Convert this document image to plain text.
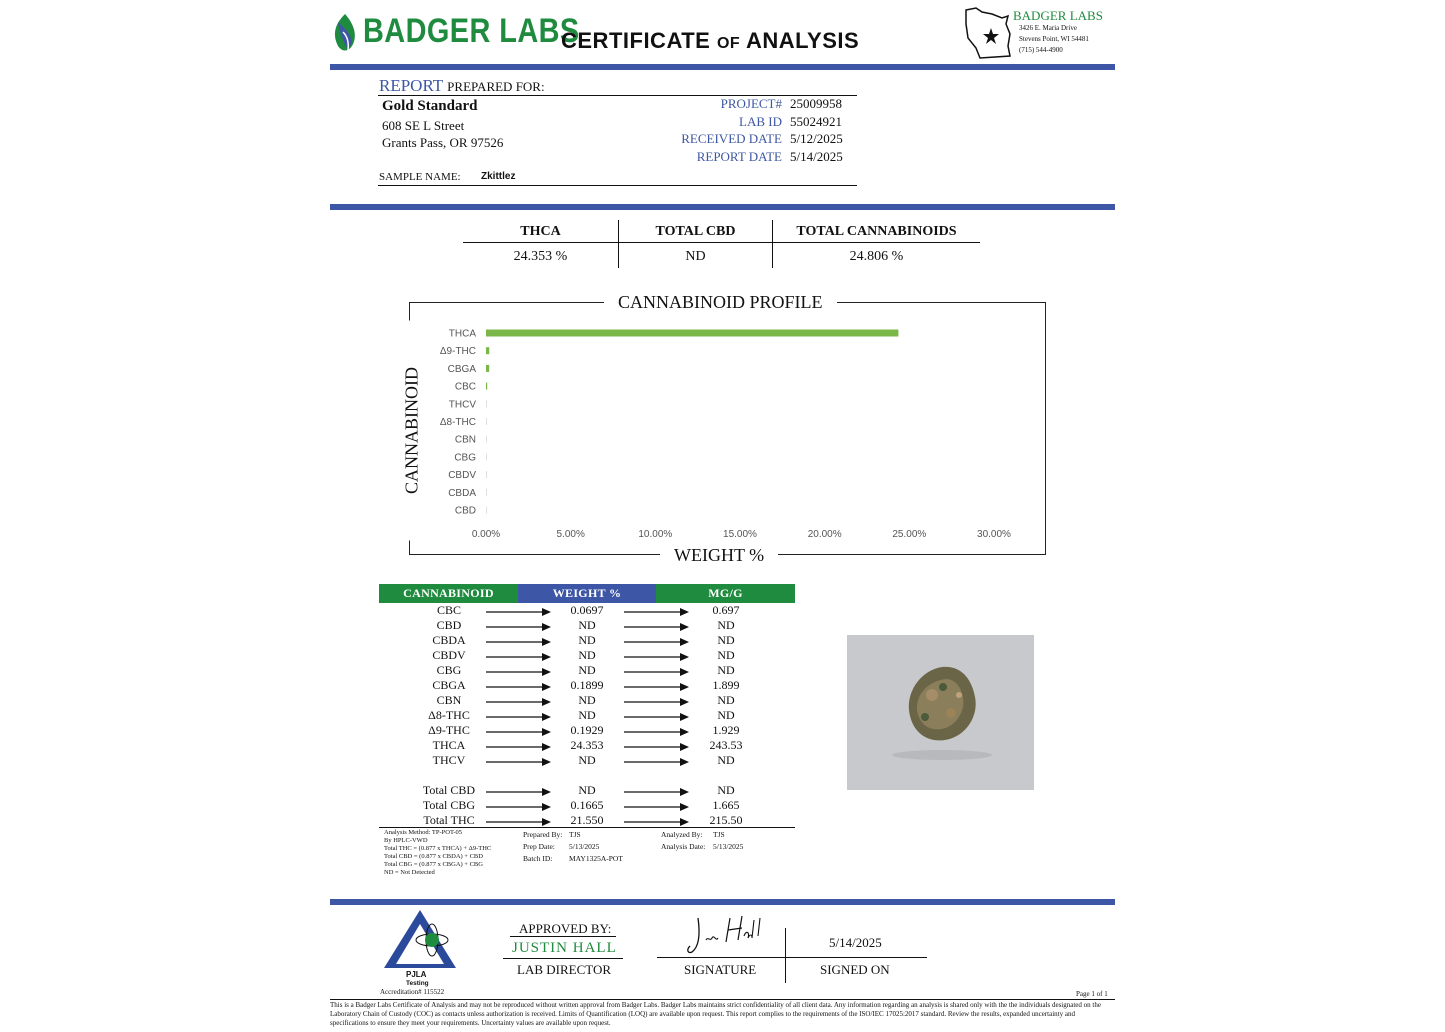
BADGER LABS
CERTIFICATE OF ANALYSIS
BADGER LABS
3426 E. Maria Drive
Stevens Point, WI 54481
(715) 544-4900
REPORT PREPARED FOR:
Gold Standard
608 SE L Street
Grants Pass, OR 97526
PROJECT# 25009958
LAB ID 55024921
RECEIVED DATE 5/12/2025
REPORT DATE 5/14/2025
SAMPLE NAME: Zkittlez
THCA	TOTAL CBD	TOTAL CANNABINOIDS
24.353 %	ND	24.806 %
CANNABINOID PROFILE
WEIGHT %
CANNABINOID
THCA
Δ9-THC
CBGA
CBC
THCV
Δ8-THC
CBN
CBG
CBDV
CBDA
CBD
0.00%	5.00%	10.00%	15.00%	20.00%	25.00%	30.00%
CANNABINOID	WEIGHT %	MG/G
CBC	0.0697	0.697
CBD	ND	ND
CBDA	ND	ND
CBDV	ND	ND
CBG	ND	ND
CBGA	0.1899	1.899
CBN	ND	ND
Δ8-THC	ND	ND
Δ9-THC	0.1929	1.929
THCA	24.353	243.53
THCV	ND	ND
Total CBD	ND	ND
Total CBG	0.1665	1.665
Total THC	21.550	215.50
Analysis Method: TP-POT-05
By HPLC-VWD
Total THC = (0.877 x THCA) + Δ9-THC
Total CBD = (0.877 x CBDA) + CBD
Total CBG = (0.877 x CBGA) + CBG
ND = Not Detected
Prepared By: TJS
Prep Date: 5/13/2025
Batch ID: MAY1325A-POT
Analyzed By: TJS
Analysis Date: 5/13/2025
PJLA
Testing
Accreditation# 115522
APPROVED BY:
JUSTIN HALL
LAB DIRECTOR	SIGNATURE
5/14/2025
SIGNED ON
Page 1 of 1
This is a Badger Labs Certificate of Analysis and may not be reproduced without written approval from Badger Labs. Badger Labs maintains strict confidentiality of all client data. Any information regarding an analysis is shared only with the the individuals designated on the Laboratory Chain of Custody (COC) as contacts unless authorization is received. Limits of Quantification (LOQ) are available upon request. This report complies to the requirements of the ISO/IEC 17025:2017 standard. Review the results, expanded uncertainty and specifications to ensure they meet your requirements. Uncertainty values are available upon request.
